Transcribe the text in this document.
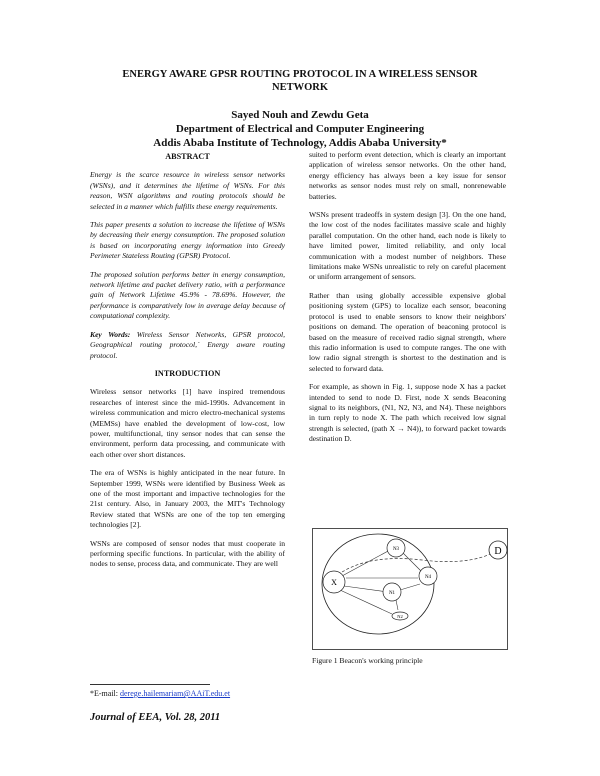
ENERGY AWARE GPSR ROUTING PROTOCOL IN A WIRELESS SENSOR
NETWORK
Sayed Nouh and Zewdu Geta
Department of Electrical and Computer Engineering
Addis Ababa Institute of Technology, Addis Ababa University*

ABSTRACT

Energy is the scarce resource in wireless sensor networks (WSNs), and it determines the lifetime of WSNs. For this reason, WSN algorithms and routing protocols should be selected in a manner which fulfills these energy requirements.

This paper presents a solution to increase the lifetime of WSNs by decreasing their energy consumption. The proposed solution is based on incorporating energy information into Greedy Perimeter Stateless Routing (GPSR) Protocol.

The proposed solution performs better in energy consumption, network lifetime and packet delivery ratio, with a performance gain of Network Lifetime 45.9% - 78.69%. However, the performance is comparatively low in average delay because of computational complexity.

Key Words: Wireless Sensor Networks, GPSR protocol, Geographical routing protocol,` Energy aware routing protocol.

INTRODUCTION

Wireless sensor networks [1] have inspired tremendous researches of interest since the mid-1990s. Advancement in wireless communication and micro electro-mechanical systems (MEMSs) have enabled the development of low-cost, low power, multifunctional, tiny sensor nodes that can sense the environment, perform data processing, and communicate with each other over short distances.

The era of WSNs is highly anticipated in the near future. In September 1999, WSNs were identified by Business Week as one of the most important and impactive technologies for the 21st century. Also, in January 2003, the MIT's Technology Review stated that WSNs are one of the top ten emerging technologies [2].

WSNs are composed of sensor nodes that must cooperate in performing specific functions. In particular, with the ability of nodes to sense, process data, and communicate. They are well

suited to perform event detection, which is clearly an important application of wireless sensor networks. On the other hand, energy efficiency has always been a key issue for sensor networks as sensor nodes must rely on small, nonrenewable batteries.

WSNs present tradeoffs in system design [3]. On the one hand, the low cost of the nodes facilitates massive scale and highly parallel computation. On the other hand, each node is likely to have limited power, limited reliability, and only local communication with a modest number of neighbors. These limitations make WSNs unrealistic to rely on careful placement or uniform arrangement of sensors.

Rather than using globally accessible expensive global positioning system (GPS) to localize each sensor, beaconing protocol is used to enable sensors to know their neighbors' positions on demand. The operation of beaconing protocol is based on the measure of received radio signal strength, where this radio information is used to compute ranges. The one with low radio signal strength is shortest to the destination and is selected to forward data.

For example, as shown in Fig. 1, suppose node X has a packet intended to send to node D. First, node X sends Beaconing signal to its neighbors, (N1, N2, N3, and N4). These neighbors in turn reply to node X. The path which received low signal strength is selected, (path X → N4)), to forward packet towards destination D.

X
N3
N4
N1
N2
D
Figure 1 Beacon's working principle
*E-mail: derege.hailemariam@AAiT.edu.et
Journal of EEA, Vol. 28, 2011
